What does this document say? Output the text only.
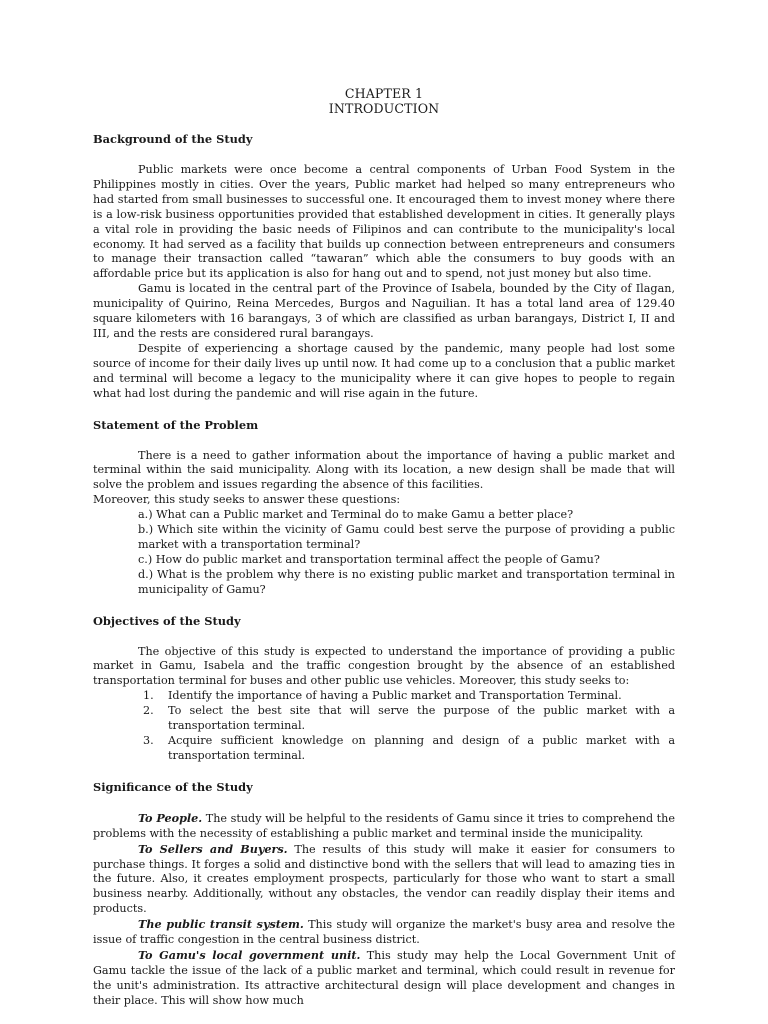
CHAPTER 1
INTRODUCTION
Background of the Study

Public markets were once become a central components of Urban Food System in the Philippines mostly in cities. Over the years, Public market had helped so many entrepreneurs who had started from small businesses to successful one. It encouraged them to invest money where there is a low-risk business opportunities provided that established development in cities. It generally plays a vital role in providing the basic needs of Filipinos and can contribute to the municipality's local economy. It had served as a facility that builds up connection between entrepreneurs and consumers to manage their transaction called “tawaran” which able the consumers to buy goods with an affordable price but its application is also for hang out and to spend, not just money but also time.

Gamu is located in the central part of the Province of Isabela, bounded by the City of Ilagan, municipality of Quirino, Reina Mercedes, Burgos and Naguilian. It has a total land area of 129.40 square kilometers with 16 barangays, 3 of which are classified as urban barangays, District I, II and III, and the rests are considered rural barangays.

Despite of experiencing a shortage caused by the pandemic, many people had lost some source of income for their daily lives up until now. It had come up to a conclusion that a public market and terminal will become a legacy to the municipality where it can give hopes to people to regain what had lost during the pandemic and will rise again in the future.

Statement of the Problem

There is a need to gather information about the importance of having a public market and terminal within the said municipality. Along with its location, a new design shall be made that will solve the problem and issues regarding the absence of this facilities.

Moreover, this study seeks to answer these questions:

a.) What can a Public market and Terminal do to make Gamu a better place?

b.) Which site within the vicinity of Gamu could best serve the purpose of providing a public market with a transportation terminal?

c.) How do public market and transportation terminal affect the people of Gamu?

d.) What is the problem why there is no existing public market and transportation terminal in municipality of Gamu?

Objectives of the Study

The objective of this study is expected to understand the importance of providing a public market in Gamu, Isabela and the traffic congestion brought by the absence of an established transportation terminal for buses and other public use vehicles. Moreover, this study seeks to:

1. Identify the importance of having a Public market and Transportation Terminal.
2. To select the best site that will serve the purpose of the public market with a transportation terminal.
3. Acquire sufficient knowledge on planning and design of a public market with a transportation terminal.
Significance of the Study

To People. The study will be helpful to the residents of Gamu since it tries to comprehend the problems with the necessity of establishing a public market and terminal inside the municipality.

To Sellers and Buyers. The results of this study will make it easier for consumers to purchase things. It forges a solid and distinctive bond with the sellers that will lead to amazing ties in the future. Also, it creates employment prospects, particularly for those who want to start a small business nearby. Additionally, without any obstacles, the vendor can readily display their items and products.

The public transit system. This study will organize the market's busy area and resolve the issue of traffic congestion in the central business district.

To Gamu's local government unit. This study may help the Local Government Unit of Gamu tackle the issue of the lack of a public market and terminal, which could result in revenue for the unit's administration. Its attractive architectural design will place development and changes in their place. This will show how much
